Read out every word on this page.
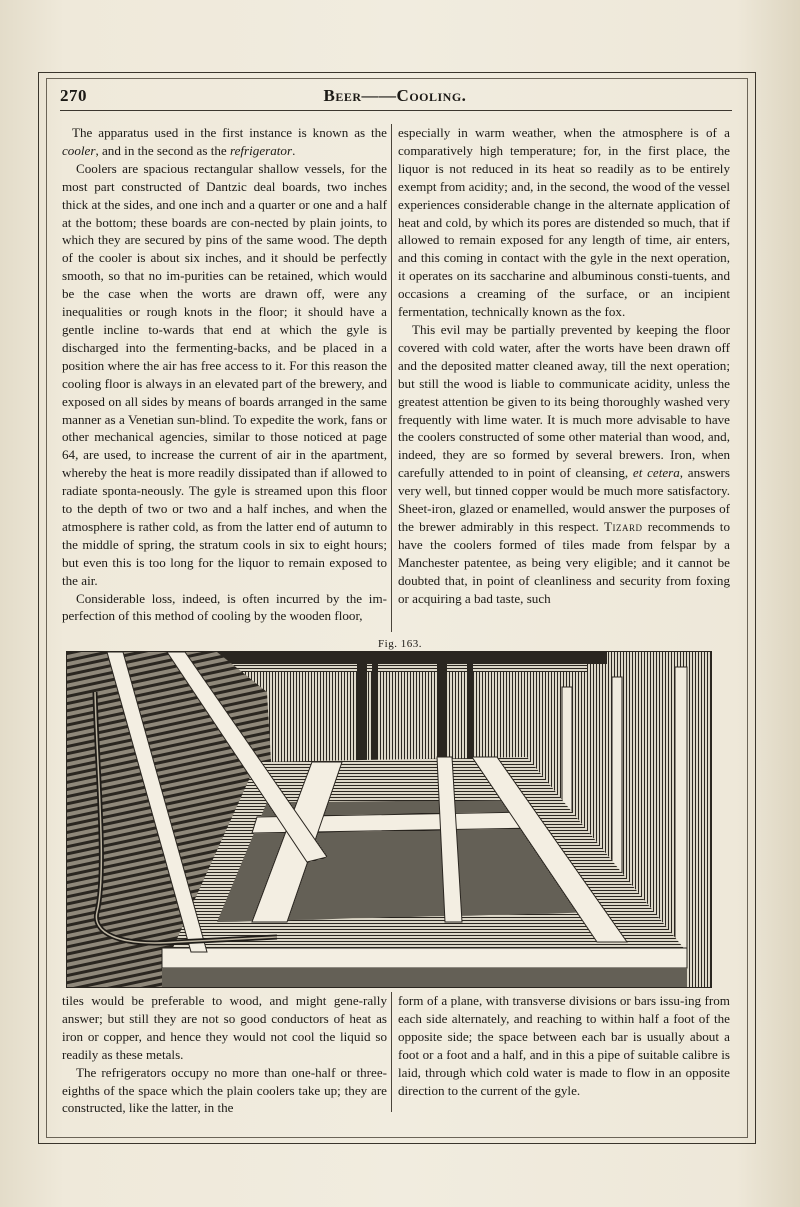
270	Beer——Cooling.

The apparatus used in the first instance is known as the cooler, and in the second as the refrigerator.

Coolers are spacious rectangular shallow vessels, for the most part constructed of Dantzic deal boards, two inches thick at the sides, and one inch and a quarter or one and a half at the bottom; these boards are con-nected by plain joints, to which they are secured by pins of the same wood. The depth of the cooler is about six inches, and it should be perfectly smooth, so that no im-purities can be retained, which would be the case when the worts are drawn off, were any inequalities or rough knots in the floor; it should have a gentle incline to-wards that end at which the gyle is discharged into the fermenting-backs, and be placed in a position where the air has free access to it. For this reason the cooling floor is always in an elevated part of the brewery, and exposed on all sides by means of boards arranged in the same manner as a Venetian sun-blind. To expedite the work, fans or other mechanical agencies, similar to those noticed at page 64, are used, to increase the current of air in the apartment, whereby the heat is more readily dissipated than if allowed to radiate sponta-neously. The gyle is streamed upon this floor to the depth of two or two and a half inches, and when the atmosphere is rather cold, as from the latter end of autumn to the middle of spring, the stratum cools in six to eight hours; but even this is too long for the liquor to remain exposed to the air.

Considerable loss, indeed, is often incurred by the im-perfection of this method of cooling by the wooden floor,

especially in warm weather, when the atmosphere is of a comparatively high temperature; for, in the first place, the liquor is not reduced in its heat so readily as to be entirely exempt from acidity; and, in the second, the wood of the vessel experiences considerable change in the alternate application of heat and cold, by which its pores are distended so much, that if allowed to remain exposed for any length of time, air enters, and this coming in contact with the gyle in the next operation, it operates on its saccharine and albuminous consti-tuents, and occasions a creaming of the surface, or an incipient fermentation, technically known as the fox.

This evil may be partially prevented by keeping the floor covered with cold water, after the worts have been drawn off and the deposited matter cleaned away, till the next operation; but still the wood is liable to communicate acidity, unless the greatest attention be given to its being thoroughly washed very frequently with lime water. It is much more advisable to have the coolers constructed of some other material than wood, and, indeed, they are so formed by several brewers. Iron, when carefully attended to in point of cleansing, et cetera, answers very well, but tinned copper would be much more satisfactory. Sheet-iron, glazed or enamelled, would answer the purposes of the brewer admirably in this respect. Tizard recommends to have the coolers formed of tiles made from felspar by a Manchester patentee, as being very eligible; and it cannot be doubted that, in point of cleanliness and security from foxing or acquiring a bad taste, such

Fig. 163.

tiles would be preferable to wood, and might gene-rally answer; but still they are not so good conductors of heat as iron or copper, and hence they would not cool the liquid so readily as these metals.

The refrigerators occupy no more than one-half or three-eighths of the space which the plain coolers take up; they are constructed, like the latter, in the

form of a plane, with transverse divisions or bars issu-ing from each side alternately, and reaching to within half a foot of the opposite side; the space between each bar is usually about a foot or a foot and a half, and in this a pipe of suitable calibre is laid, through which cold water is made to flow in an opposite direction to the current of the gyle.
